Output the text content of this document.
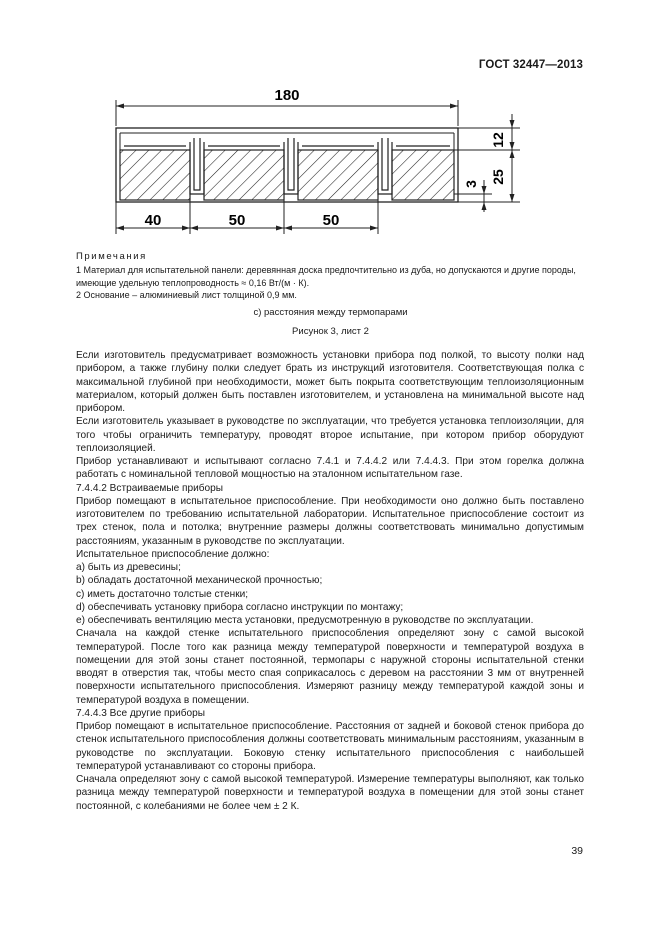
ГОСТ 32447—2013
180
40	50	50
12
25
3
Примечания
1 Материал для испытательной панели: деревянная доска предпочтительно из дуба, но допускаются и другие породы, имеющие удельную теплопроводность ≈ 0,16 Вт/(м · К).
2 Основание – алюминиевый лист толщиной 0,9 мм.
с) расстояния между термопарами
Рисунок 3, лист 2

Если изготовитель предусматривает возможность установки прибора под полкой, то высоту полки над прибором, а также глубину полки следует брать из инструкций изготовителя. Соответствующая полка с максимальной глубиной при необходимости, может быть покрыта соответствующим теплоизоляционным материалом, который должен быть поставлен изготовителем, и установлена на минимальной высоте над прибором.

Если изготовитель указывает в руководстве по эксплуатации, что требуется установка теплоизоляции, для того чтобы ограничить температуру, проводят второе испытание, при котором прибор оборудуют теплоизоляцией.

Прибор устанавливают и испытывают согласно 7.4.1 и 7.4.4.2 или 7.4.4.3. При этом горелка должна работать с номинальной тепловой мощностью на эталонном испытательном газе.

7.4.4.2 Встраиваемые приборы

Прибор помещают в испытательное приспособление. При необходимости оно должно быть поставлено изготовителем по требованию испытательной лаборатории. Испытательное приспособление состоит из трех стенок, пола и потолка; внутренние размеры должны соответствовать минимально допустимым расстояниям, указанным в руководстве по эксплуатации.

Испытательное приспособление должно:

a) быть из древесины;

b) обладать достаточной механической прочностью;

c) иметь достаточно толстые стенки;

d) обеспечивать установку прибора согласно инструкции по монтажу;

e) обеспечивать вентиляцию места установки, предусмотренную в руководстве по эксплуатации.

Сначала на каждой стенке испытательного приспособления определяют зону с самой высокой температурой. После того как разница между температурой поверхности и температурой воздуха в помещении для этой зоны станет постоянной, термопары с наружной стороны испытательной стенки вводят в отверстия так, чтобы место спая соприкасалось с деревом на расстоянии 3 мм от внутренней поверхности испытательного приспособления. Измеряют разницу между температурой каждой зоны и температурой воздуха в помещении.

7.4.4.3 Все другие приборы

Прибор помещают в испытательное приспособление. Расстояния от задней и боковой стенок прибора до стенок испытательного приспособления должны соответствовать минимальным расстояниям, указанным в руководстве по эксплуатации. Боковую стенку испытательного приспособления с наибольшей температурой устанавливают со стороны прибора.

Сначала определяют зону с самой высокой температурой. Измерение температуры выполняют, как только разница между температурой поверхности и температурой воздуха в помещении для этой зоны станет постоянной, с колебаниями не более чем ± 2 К.

39
